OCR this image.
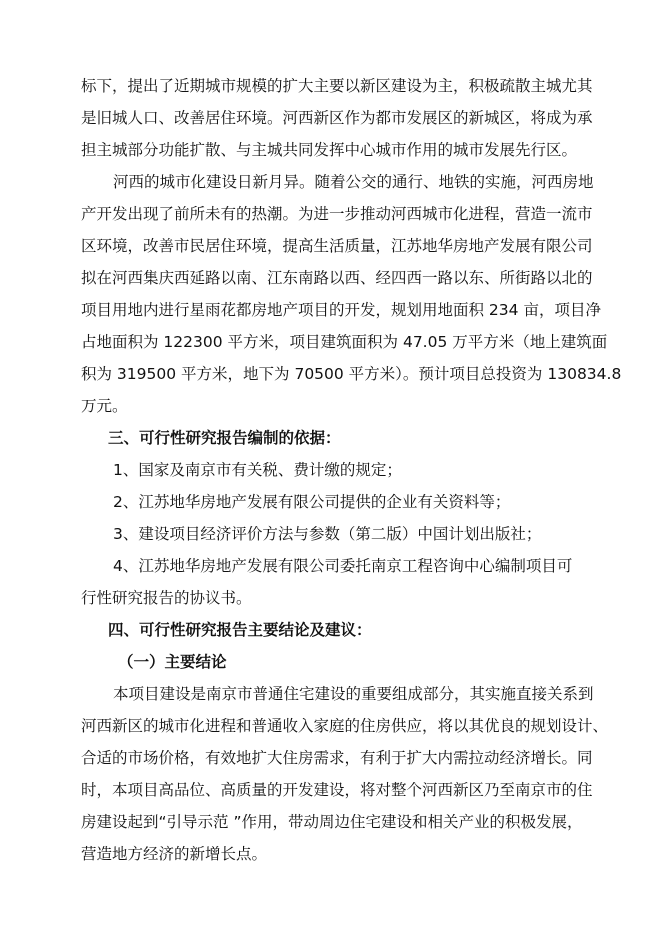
标下，提出了近期城市规模的扩大主要以新区建设为主，积极疏散主城尤其
是旧城人口、改善居住环境。河西新区作为都市发展区的新城区，将成为承
担主城部分功能扩散、与主城共同发挥中心城市作用的城市发展先行区。
河西的城市化建设日新月异。随着公交的通行、地铁的实施，河西房地
产开发出现了前所未有的热潮。为进一步推动河西城市化进程，营造一流市
区环境，改善市民居住环境，提高生活质量，江苏地华房地产发展有限公司
拟在河西集庆西延路以南、江东南路以西、经四西一路以东、所街路以北的
项目用地内进行星雨花都房地产项目的开发，规划用地面积 234 亩，项目净
占地面积为 122300 平方米，项目建筑面积为 47.05 万平方米（地上建筑面
积为 319500 平方米，地下为 70500 平方米）。预计项目总投资为 130834.8
万元。
三、可行性研究报告编制的依据：
1、国家及南京市有关税、费计缴的规定；
2、江苏地华房地产发展有限公司提供的企业有关资料等；
3、建设项目经济评价方法与参数（第二版）中国计划出版社；
4、江苏地华房地产发展有限公司委托南京工程咨询中心编制项目可
行性研究报告的协议书。
四、可行性研究报告主要结论及建议：
（一）主要结论
本项目建设是南京市普通住宅建设的重要组成部分，其实施直接关系到
河西新区的城市化进程和普通收入家庭的住房供应，将以其优良的规划设计、
合适的市场价格，有效地扩大住房需求，有利于扩大内需拉动经济增长。同
时，本项目高品位、高质量的开发建设，将对整个河西新区乃至南京市的住
房建设起到“引导示范 ”作用，带动周边住宅建设和相关产业的积极发展，
营造地方经济的新增长点。
